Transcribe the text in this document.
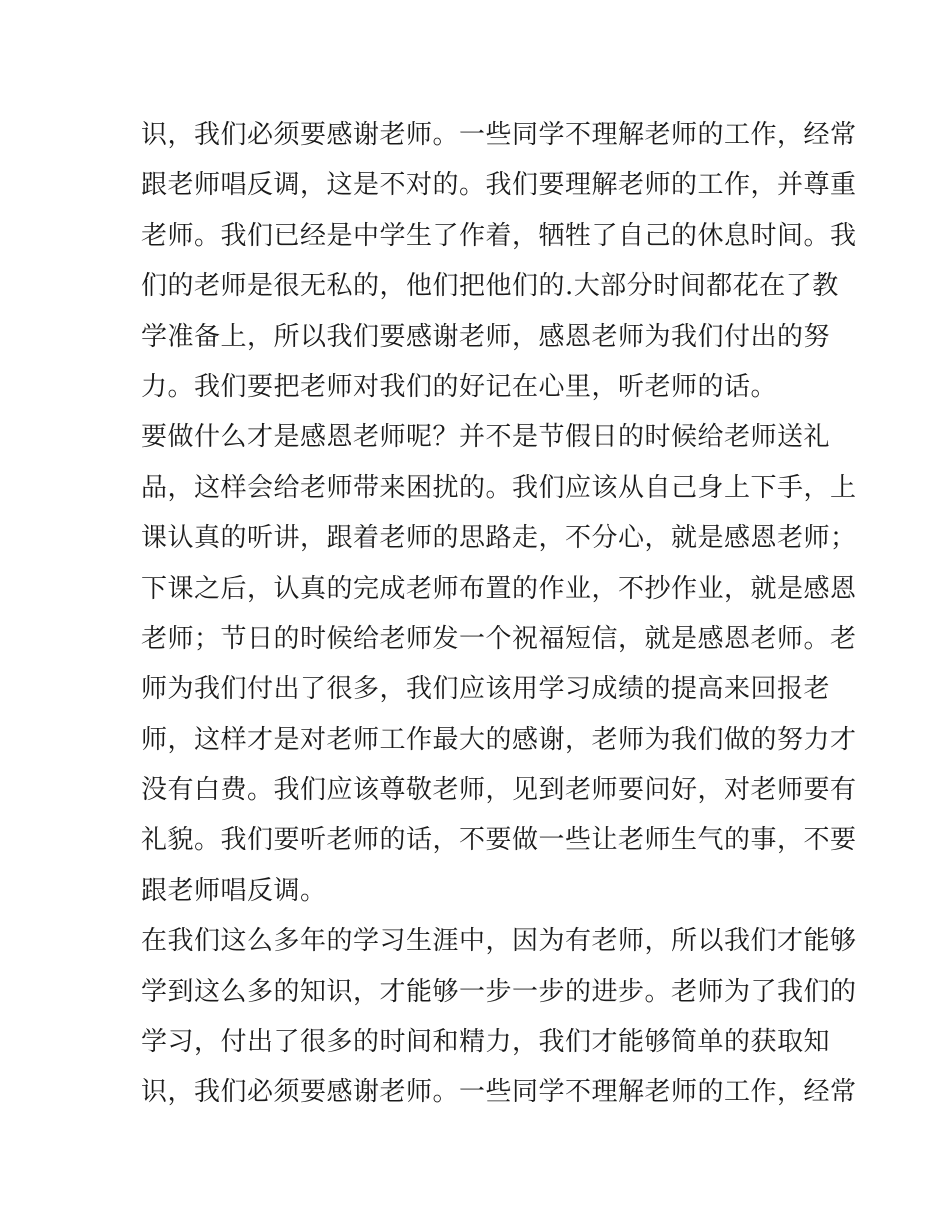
识，我们必须要感谢老师。一些同学不理解老师的工作，经常
跟老师唱反调，这是不对的。我们要理解老师的工作，并尊重
老师。我们已经是中学生了作着，牺牲了自己的休息时间。我
们的老师是很无私的，他们把他们的.大部分时间都花在了教
学准备上，所以我们要感谢老师，感恩老师为我们付出的努
力。我们要把老师对我们的好记在心里，听老师的话。
要做什么才是感恩老师呢？并不是节假日的时候给老师送礼
品，这样会给老师带来困扰的。我们应该从自己身上下手，上
课认真的听讲，跟着老师的思路走，不分心，就是感恩老师；
下课之后，认真的完成老师布置的作业，不抄作业，就是感恩
老师；节日的时候给老师发一个祝福短信，就是感恩老师。老
师为我们付出了很多，我们应该用学习成绩的提高来回报老
师，这样才是对老师工作最大的感谢，老师为我们做的努力才
没有白费。我们应该尊敬老师，见到老师要问好，对老师要有
礼貌。我们要听老师的话，不要做一些让老师生气的事，不要
跟老师唱反调。
在我们这么多年的学习生涯中，因为有老师，所以我们才能够
学到这么多的知识，才能够一步一步的进步。老师为了我们的
学习，付出了很多的时间和精力，我们才能够简单的获取知
识，我们必须要感谢老师。一些同学不理解老师的工作，经常
